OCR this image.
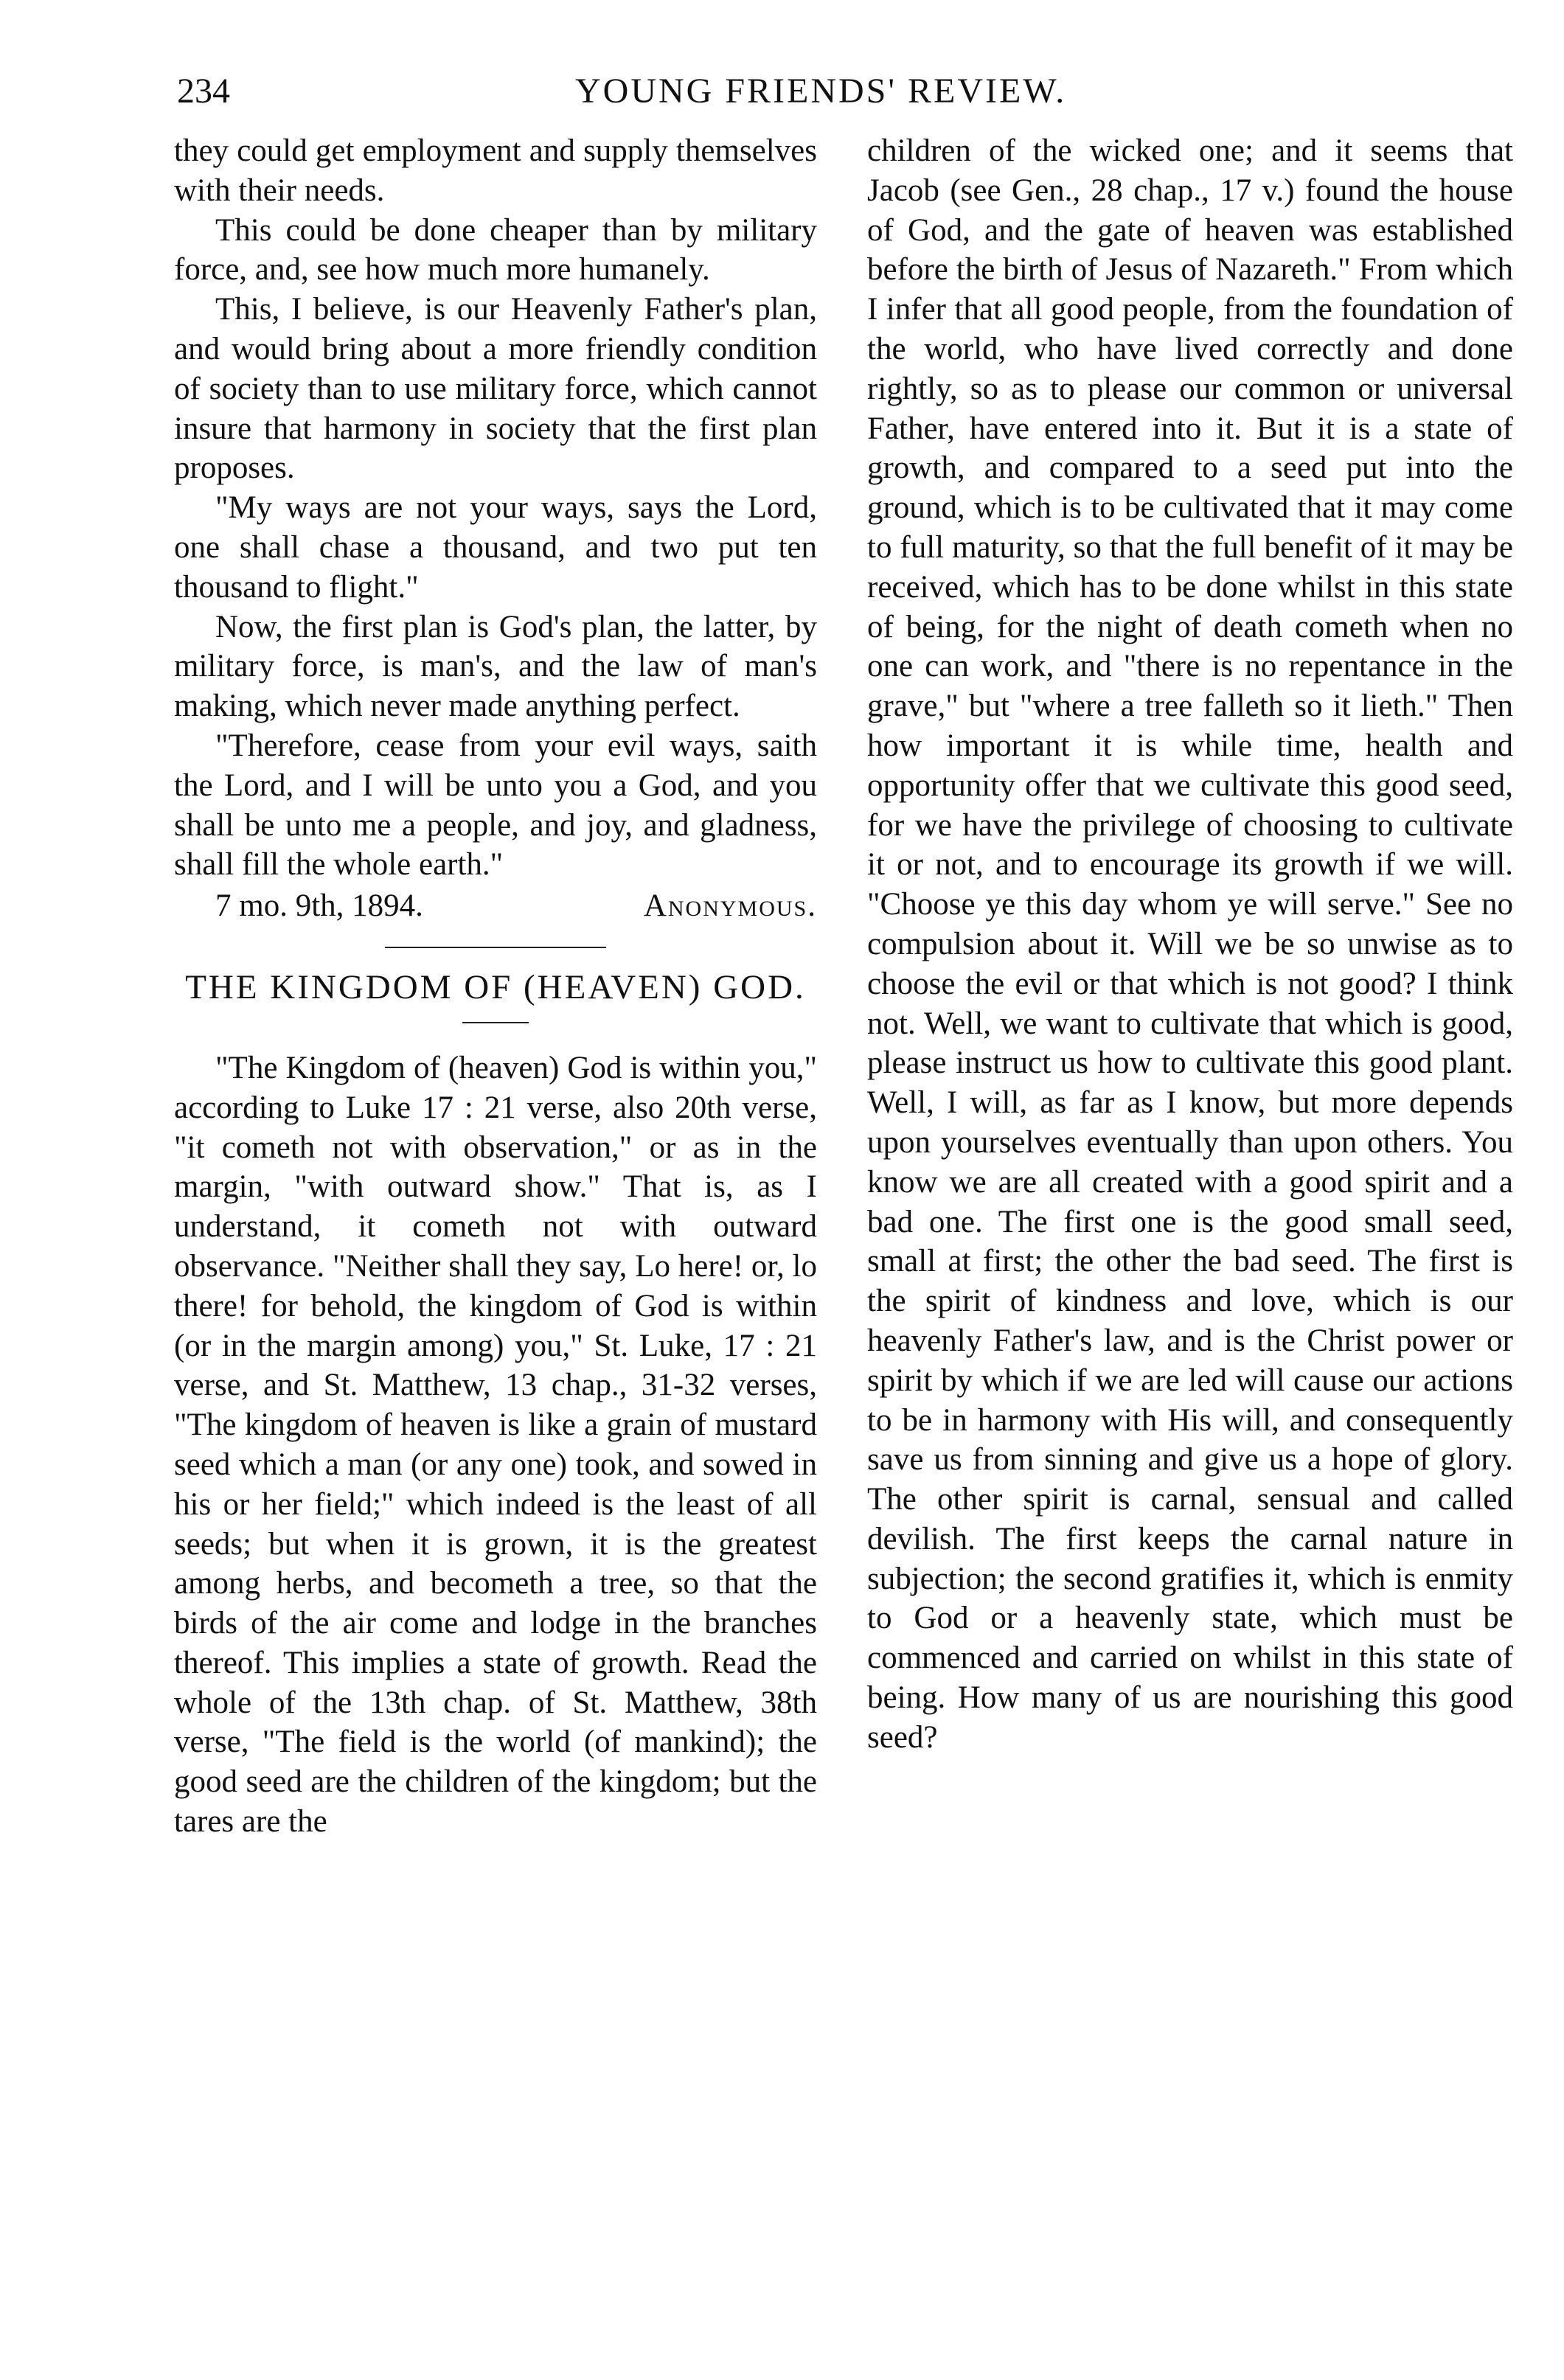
234	YOUNG FRIENDS' REVIEW.

they could get employment and supply themselves with their needs.

This could be done cheaper than by military force, and, see how much more humanely.

This, I believe, is our Heavenly Father's plan, and would bring about a more friendly condition of society than to use military force, which cannot insure that harmony in society that the first plan proposes.

"My ways are not your ways, says the Lord, one shall chase a thousand, and two put ten thousand to flight."

Now, the first plan is God's plan, the latter, by military force, is man's, and the law of man's making, which never made anything perfect.

"Therefore, cease from your evil ways, saith the Lord, and I will be unto you a God, and you shall be unto me a people, and joy, and gladness, shall fill the whole earth."

7 mo. 9th, 1894.	Anonymous.

THE KINGDOM OF (HEAVEN) GOD.

"The Kingdom of (heaven) God is within you," according to Luke 17 : 21 verse, also 20th verse, "it cometh not with observation," or as in the margin, "with outward show." That is, as I understand, it cometh not with outward observance. "Neither shall they say, Lo here! or, lo there! for behold, the kingdom of God is within (or in the margin among) you," St. Luke, 17 : 21 verse, and St. Matthew, 13 chap., 31-32 verses, "The kingdom of heaven is like a grain of mustard seed which a man (or any one) took, and sowed in his or her field;" which indeed is the least of all seeds; but when it is grown, it is the greatest among herbs, and becometh a tree, so that the birds of the air come and lodge in the branches thereof. This implies a state of growth. Read the whole of the 13th chap. of St. Matthew, 38th verse, "The field is the world (of mankind); the good seed are the children of the kingdom; but the tares are the

children of the wicked one; and it seems that Jacob (see Gen., 28 chap., 17 v.) found the house of God, and the gate of heaven was established before the birth of Jesus of Nazareth." From which I infer that all good people, from the foundation of the world, who have lived correctly and done rightly, so as to please our common or universal Father, have entered into it. But it is a state of growth, and compared to a seed put into the ground, which is to be cultivated that it may come to full maturity, so that the full benefit of it may be received, which has to be done whilst in this state of being, for the night of death cometh when no one can work, and "there is no repentance in the grave," but "where a tree falleth so it lieth." Then how important it is while time, health and opportunity offer that we cultivate this good seed, for we have the privilege of choosing to cultivate it or not, and to encourage its growth if we will. "Choose ye this day whom ye will serve." See no compulsion about it. Will we be so unwise as to choose the evil or that which is not good? I think not. Well, we want to cultivate that which is good, please instruct us how to cultivate this good plant. Well, I will, as far as I know, but more depends upon yourselves eventually than upon others. You know we are all created with a good spirit and a bad one. The first one is the good small seed, small at first; the other the bad seed. The first is the spirit of kindness and love, which is our heavenly Father's law, and is the Christ power or spirit by which if we are led will cause our actions to be in harmony with His will, and consequently save us from sinning and give us a hope of glory. The other spirit is carnal, sensual and called devilish. The first keeps the carnal nature in subjection; the second gratifies it, which is enmity to God or a heavenly state, which must be commenced and carried on whilst in this state of being. How many of us are nourishing this good seed?
